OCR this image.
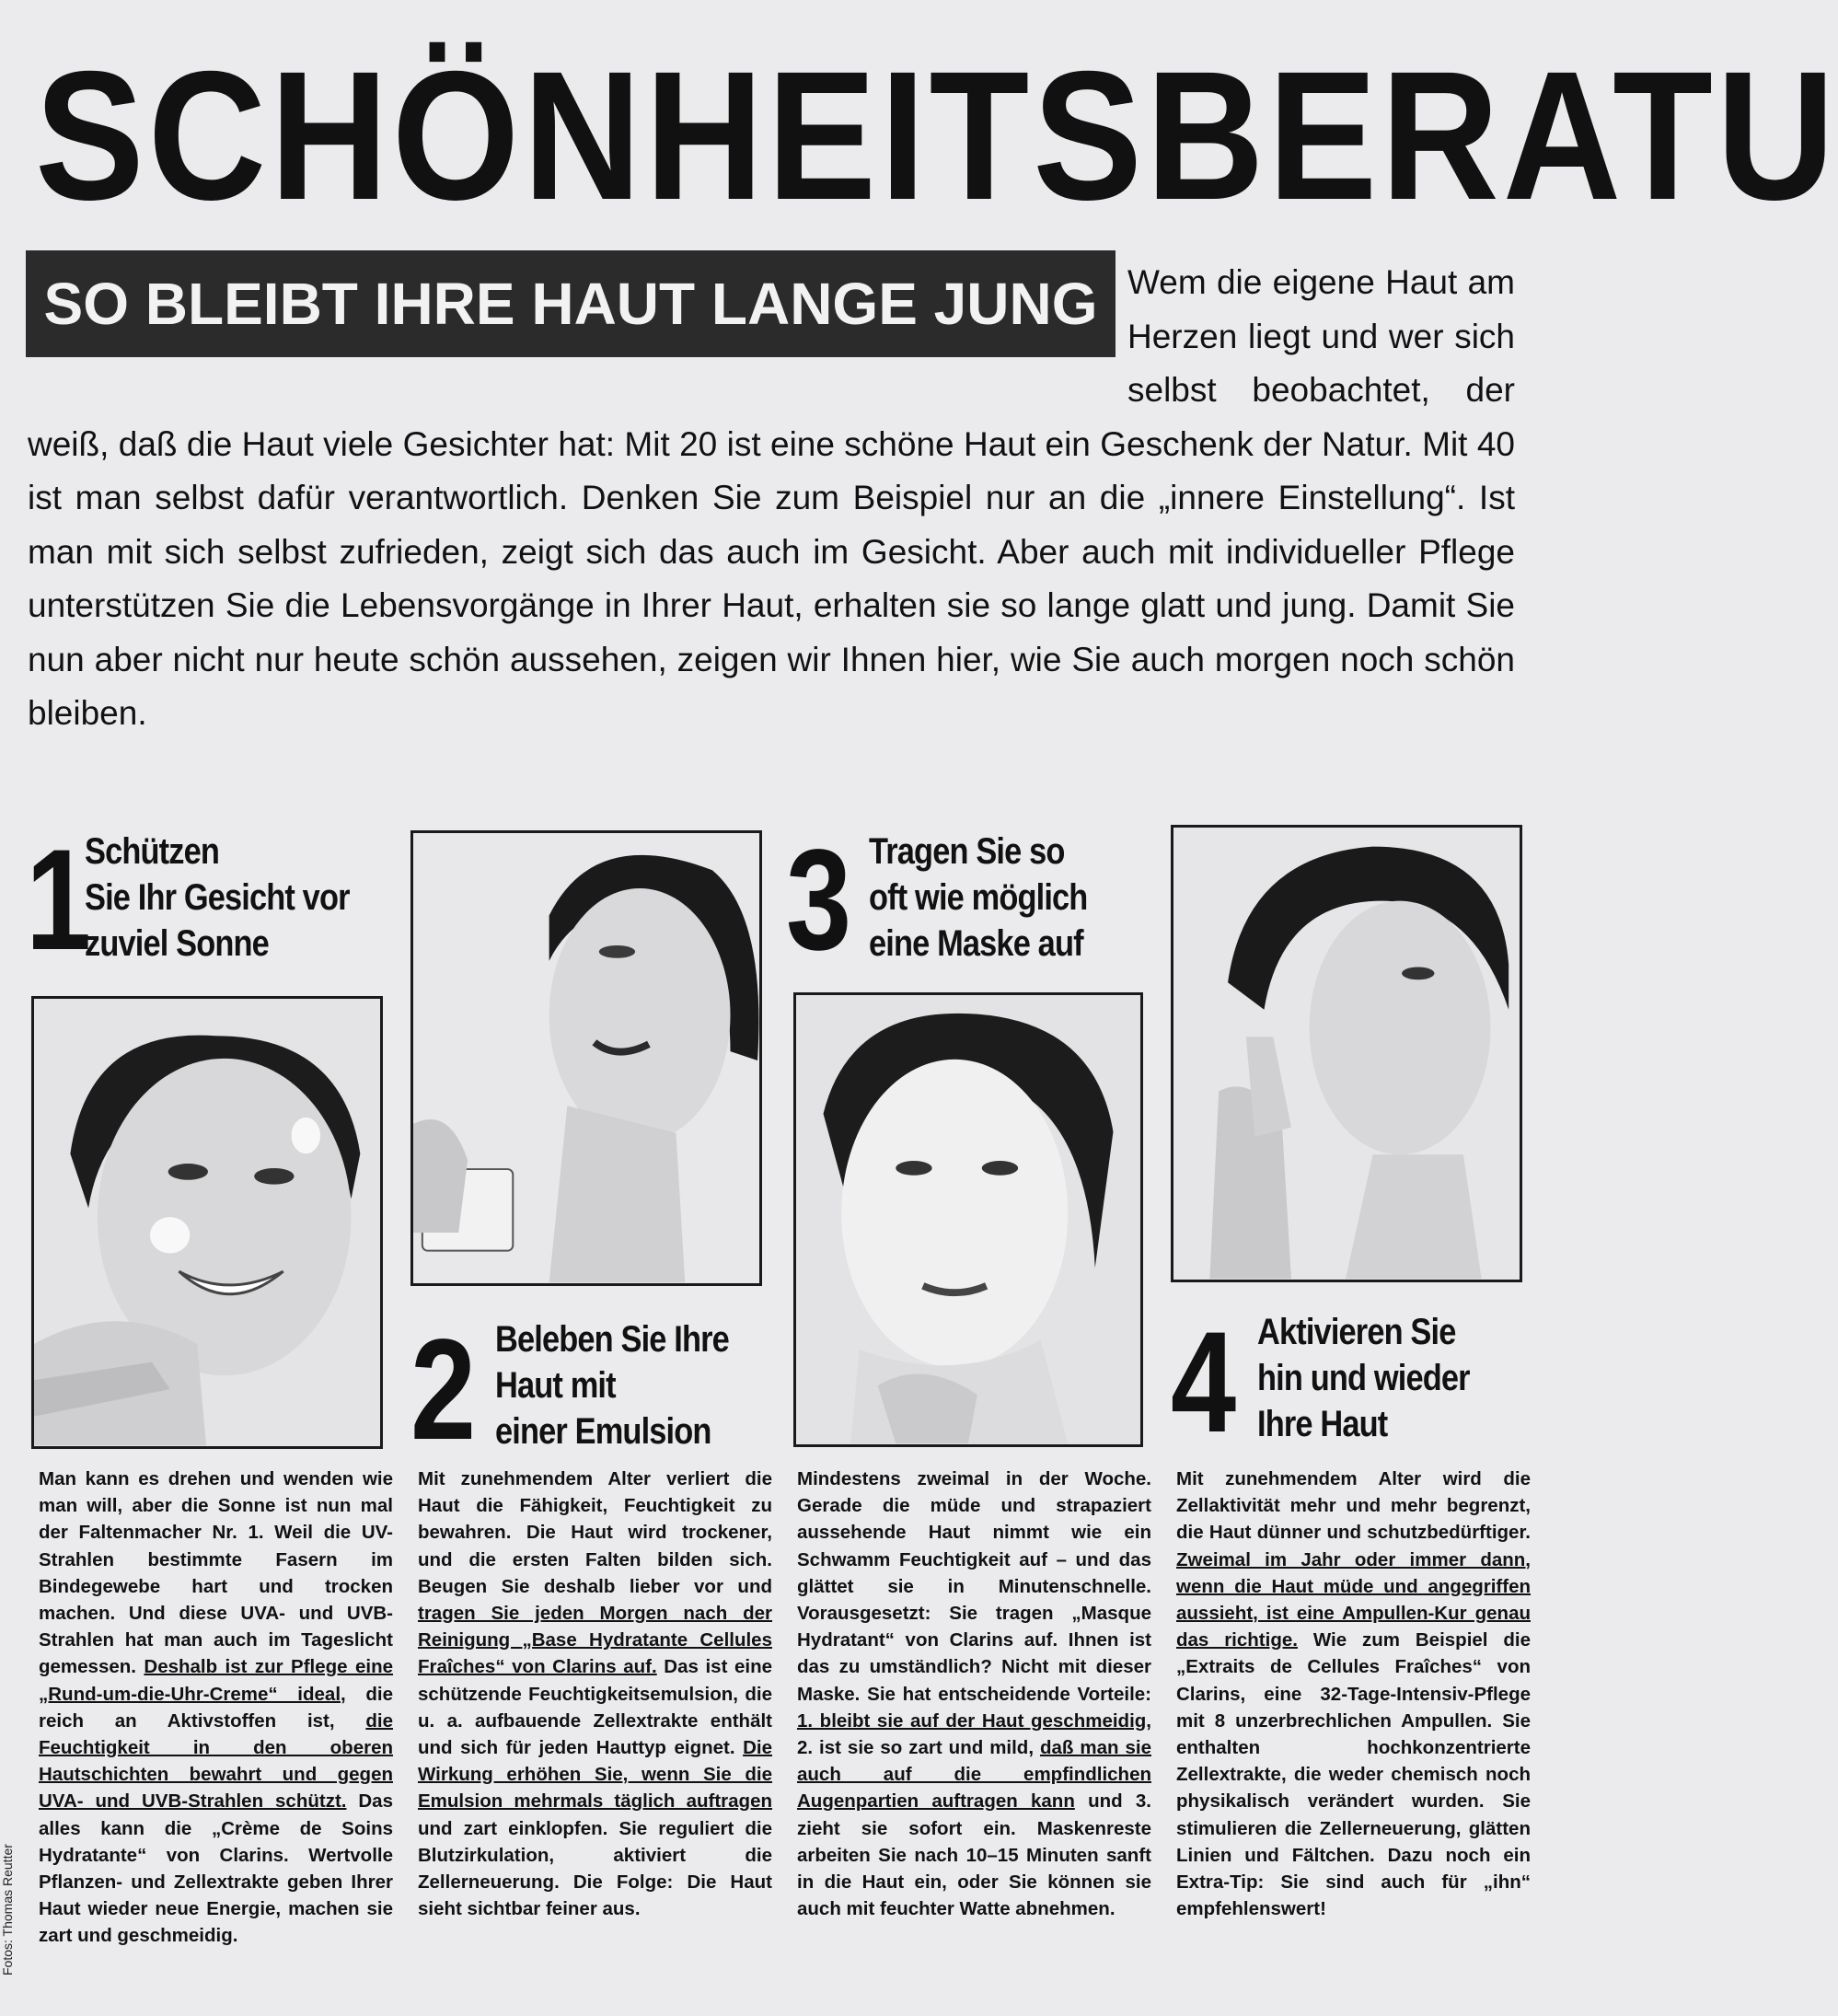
SCHÖNHEITSBERATU
SO BLEIBT IHRE HAUT LANGE JUNG Wem die eigene Haut am Herzen liegt und wer sich selbst beobachtet, der weiß, daß die Haut viele Gesichter hat: Mit 20 ist eine schöne Haut ein Geschenk der Natur. Mit 40 ist man selbst dafür verantwortlich. Denken Sie zum Beispiel nur an die „innere Einstellung“. Ist man mit sich selbst zufrieden, zeigt sich das auch im Gesicht. Aber auch mit individueller Pflege unterstützen Sie die Lebensvorgänge in Ihrer Haut, erhalten sie so lange glatt und jung. Damit Sie nun aber nicht nur heute schön aussehen, zeigen wir Ihnen hier, wie Sie auch morgen noch schön bleiben.
1
Schützen
Sie Ihr Gesicht vor
zuviel Sonne
2 Beleben Sie Ihre
Haut mit
einer Emulsion
3 Tragen Sie so
oft wie möglich
eine Maske auf
4 Aktivieren Sie
hin und wieder
Ihre Haut
Man kann es drehen und wenden wie man will, aber die Sonne ist nun mal der Faltenmacher Nr. 1. Weil die UV-Strahlen bestimmte Fasern im Bindegewebe hart und trocken machen. Und diese UVA- und UVB-Strahlen hat man auch im Tageslicht gemessen. Deshalb ist zur Pflege eine „Rund-um-die-Uhr-Creme“ ideal, die reich an Aktivstoffen ist, die Feuchtigkeit in den oberen Hautschichten bewahrt und gegen UVA- und UVB-Strahlen schützt. Das alles kann die „Crème de Soins Hydratante“ von Clarins. Wertvolle Pflanzen- und Zellextrakte geben Ihrer Haut wieder neue Energie, machen sie zart und geschmeidig.
Mit zunehmendem Alter verliert die Haut die Fähigkeit, Feuchtigkeit zu bewahren. Die Haut wird trockener, und die ersten Falten bilden sich. Beugen Sie deshalb lieber vor und tragen Sie jeden Morgen nach der Reinigung „Base Hydratante Cellules Fraîches“ von Clarins auf. Das ist eine schützende Feuchtigkeitsemulsion, die u. a. aufbauende Zellextrakte enthält und sich für jeden Hauttyp eignet. Die Wirkung erhöhen Sie, wenn Sie die Emulsion mehrmals täglich auftragen und zart einklopfen. Sie reguliert die Blutzirkulation, aktiviert die Zellerneuerung. Die Folge: Die Haut sieht sichtbar feiner aus.
Mindestens zweimal in der Woche. Gerade die müde und strapaziert aussehende Haut nimmt wie ein Schwamm Feuchtigkeit auf – und das glättet sie in Minutenschnelle. Vorausgesetzt: Sie tragen „Masque Hydratant“ von Clarins auf. Ihnen ist das zu umständlich? Nicht mit dieser Maske. Sie hat entscheidende Vorteile: 1. bleibt sie auf der Haut geschmeidig, 2. ist sie so zart und mild, daß man sie auch auf die empfindlichen Augenpartien auftragen kann und 3. zieht sie sofort ein. Maskenreste arbeiten Sie nach 10–15 Minuten sanft in die Haut ein, oder Sie können sie auch mit feuchter Watte abnehmen.
Mit zunehmendem Alter wird die Zellaktivität mehr und mehr begrenzt, die Haut dünner und schutzbedürftiger. Zweimal im Jahr oder immer dann, wenn die Haut müde und angegriffen aussieht, ist eine Ampullen-Kur genau das richtige. Wie zum Beispiel die „Extraits de Cellules Fraîches“ von Clarins, eine 32-Tage-Intensiv-Pflege mit 8 unzerbrechlichen Ampullen. Sie enthalten hochkonzentrierte Zellextrakte, die weder chemisch noch physikalisch verändert wurden. Sie stimulieren die Zellerneuerung, glätten Linien und Fältchen. Dazu noch ein Extra-Tip: Sie sind auch für „ihn“ empfehlenswert!
Fotos: Thomas Reutter
